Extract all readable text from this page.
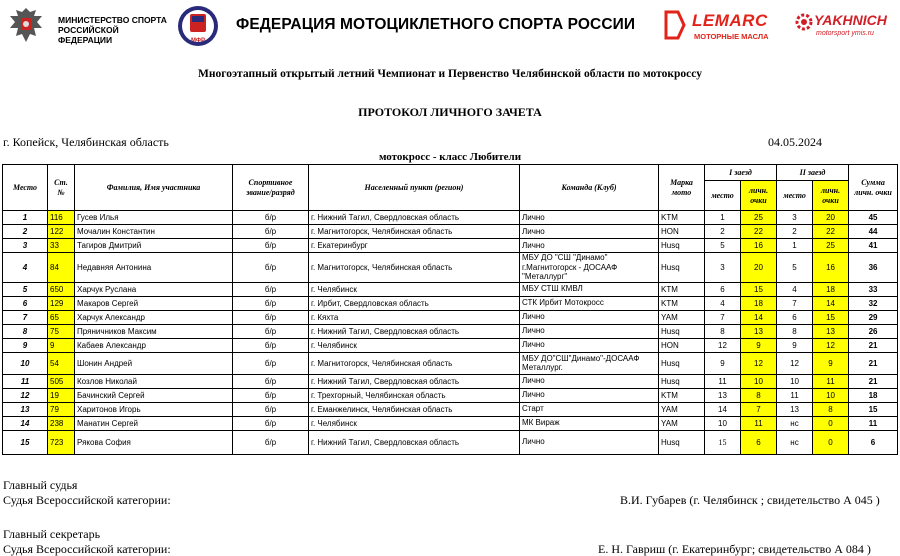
МИНИСТЕРСТВО СПОРТА РОССИЙСКОЙ ФЕДЕРАЦИИ	МФР
ФЕДЕРАЦИЯ МОТОЦИКЛЕТНОГО СПОРТА РОССИИ	LEMARC
МОТОРНЫЕ МАСЛА
YAKHNICH
motorsport ymis.ru
Многоэтапный открытый летний Чемпионат и Первенство Челябинской области по мотокроссу
ПРОТОКОЛ ЛИЧНОГО ЗАЧЕТА
г. Копейск, Челябинская область	04.05.2024
мотокросс - класс Любители
Место	Ст. №	Фамилия, Имя участника	Спортивное звание/разряд	Населенный пункт (регион)	Команда (Клуб)	Марка мото	I заезд		II заезд		Сумма личн. очки
							место	личн. очки	место	личн. очки	
1	116	Гусев Илья	б/р	г. Нижний Тагил, Свердловская область	Лично	KTM	1	25	3	20	45
2	122	Мочалин Константин	б/р	г. Магнитогорск, Челябинская область	Лично	HON	2	22	2	22	44
3	33	Тагиров Дмитрий	б/р	г. Екатеринбург	Лично	Husq	5	16	1	25	41
4	84	Недавняя Антонина	б/р	г. Магнитогорск, Челябинская область	МБУ ДО "СШ "Динамо" г.Магнитогорск - ДОСААФ "Металлург"	Husq	3	20	5	16	36
5	650	Харчук Руслана	б/р	г. Челябинск	МБУ СТШ КМВЛ	KTM	6	15	4	18	33
6	129	Макаров Сергей	б/р	г. Ирбит, Свердловская область	СТК Ирбит Мотокросс	KTM	4	18	7	14	32
7	65	Харчук Александр	б/р	г. Кяхта	Лично	YAM	7	14	6	15	29
8	75	Пряничников Максим	б/р	г. Нижний Тагил, Свердловская область	Лично	Husq	8	13	8	13	26
9	9	Кабаев Александр	б/р	г. Челябинск	Лично	HON	12	9	9	12	21
10	54	Шонин Андрей	б/р	г. Магнитогорск, Челябинская область	МБУ ДО"СШ"Динамо"-ДОСААФ Металлург.	Husq	9	12	12	9	21
11	505	Козлов Николай	б/р	г. Нижний Тагил, Свердловская область	Лично	Husq	11	10	10	11	21
12	19	Бачинский Сергей	б/р	г. Трехгорный, Челябинская область	Лично	KTM	13	8	11	10	18
13	79	Харитонов Игорь	б/р	г. Еманжелинск, Челябинская область	Старт	YAM	14	7	13	8	15
14	238	Манатин Сергей	б/р	г. Челябинск	МК Вираж	YAM	10	11	нс	0	11
15	723	Рякова София	б/р	г. Нижний Тагил, Свердловская область	Лично	Husq	15	6	нс	0	6
Главный судья
Судья Всероссийской категории:	В.И. Губарев (г. Челябинск ; свидетельство А 045 )
Главный секретарь
Судья Всероссийской категории:	Е. Н. Гавриш (г. Екатеринбург; свидетельство А 084 )
